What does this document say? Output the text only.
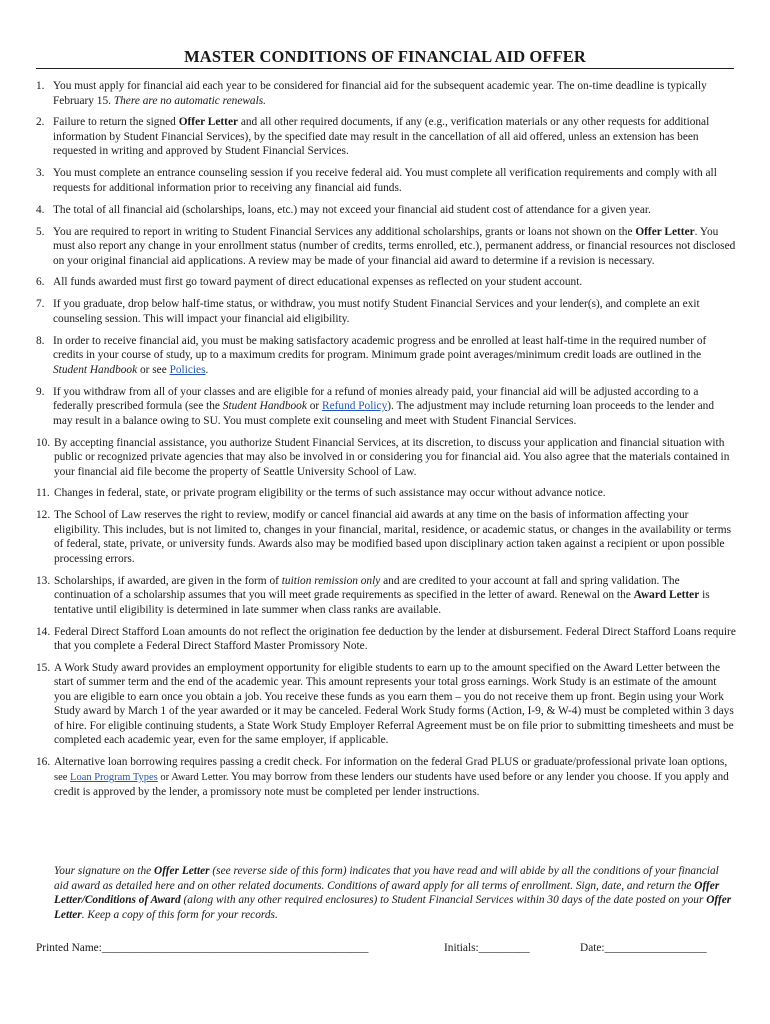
MASTER CONDITIONS OF FINANCIAL AID OFFER
1. You must apply for financial aid each year to be considered for financial aid for the subsequent academic year. The on-time deadline is typically February 15. There are no automatic renewals.
2. Failure to return the signed Offer Letter and all other required documents, if any (e.g., verification materials or any other requests for additional information by Student Financial Services), by the specified date may result in the cancellation of all aid offered, unless an extension has been requested in writing and approved by Student Financial Services.
3. You must complete an entrance counseling session if you receive federal aid. You must complete all verification requirements and comply with all requests for additional information prior to receiving any financial aid funds.
4. The total of all financial aid (scholarships, loans, etc.) may not exceed your financial aid student cost of attendance for a given year.
5. You are required to report in writing to Student Financial Services any additional scholarships, grants or loans not shown on the Offer Letter. You must also report any change in your enrollment status (number of credits, terms enrolled, etc.), permanent address, or financial resources not disclosed on your original financial aid applications. A review may be made of your financial aid award to determine if a revision is necessary.
6. All funds awarded must first go toward payment of direct educational expenses as reflected on your student account.
7. If you graduate, drop below half-time status, or withdraw, you must notify Student Financial Services and your lender(s), and complete an exit counseling session. This will impact your financial aid eligibility.
8. In order to receive financial aid, you must be making satisfactory academic progress and be enrolled at least half-time in the required number of credits in your course of study, up to a maximum credits for program. Minimum grade point averages/minimum credit loads are outlined in the Student Handbook or see Policies.
9. If you withdraw from all of your classes and are eligible for a refund of monies already paid, your financial aid will be adjusted according to a federally prescribed formula (see the Student Handbook or Refund Policy). The adjustment may include returning loan proceeds to the lender and may result in a balance owing to SU. You must complete exit counseling and meet with Student Financial Services.
10. By accepting financial assistance, you authorize Student Financial Services, at its discretion, to discuss your application and financial situation with public or recognized private agencies that may also be involved in or considering you for financial aid. You also agree that the materials contained in your financial aid file become the property of Seattle University School of Law.
11. Changes in federal, state, or private program eligibility or the terms of such assistance may occur without advance notice.
12. The School of Law reserves the right to review, modify or cancel financial aid awards at any time on the basis of information affecting your eligibility. This includes, but is not limited to, changes in your financial, marital, residence, or academic status, or changes in the availability or terms of federal, state, private, or university funds. Awards also may be modified based upon disciplinary action taken against a recipient or upon possible processing errors.
13. Scholarships, if awarded, are given in the form of tuition remission only and are credited to your account at fall and spring validation. The continuation of a scholarship assumes that you will meet grade requirements as specified in the letter of award. Renewal on the Award Letter is tentative until eligibility is determined in late summer when class ranks are available.
14. Federal Direct Stafford Loan amounts do not reflect the origination fee deduction by the lender at disbursement. Federal Direct Stafford Loans require that you complete a Federal Direct Stafford Master Promissory Note.
15. A Work Study award provides an employment opportunity for eligible students to earn up to the amount specified on the Award Letter between the start of summer term and the end of the academic year. This amount represents your total gross earnings. Work Study is an estimate of the amount you are eligible to earn once you obtain a job. You receive these funds as you earn them – you do not receive them up front. Begin using your Work Study award by March 1 of the year awarded or it may be canceled. Federal Work Study forms (Action, I-9, & W-4) must be completed within 3 days of hire. For eligible continuing students, a State Work Study Employer Referral Agreement must be on file prior to submitting timesheets and must be completed each academic year, even for the same employer, if applicable.
16. Alternative loan borrowing requires passing a credit check. For information on the federal Grad PLUS or graduate/professional private loan options, see Loan Program Types or Award Letter. You may borrow from these lenders our students have used before or any lender you choose. If you apply and credit is approved by the lender, a promissory note must be completed per lender instructions.
Your signature on the Offer Letter (see reverse side of this form) indicates that you have read and will abide by all the conditions of your financial aid award as detailed here and on other related documents. Conditions of award apply for all terms of enrollment. Sign, date, and return the Offer Letter/Conditions of Award (along with any other required enclosures) to Student Financial Services within 30 days of the date posted on your Offer Letter. Keep a copy of this form for your records.
Printed Name:_______________________________________________	Initials:_________	Date:__________________
